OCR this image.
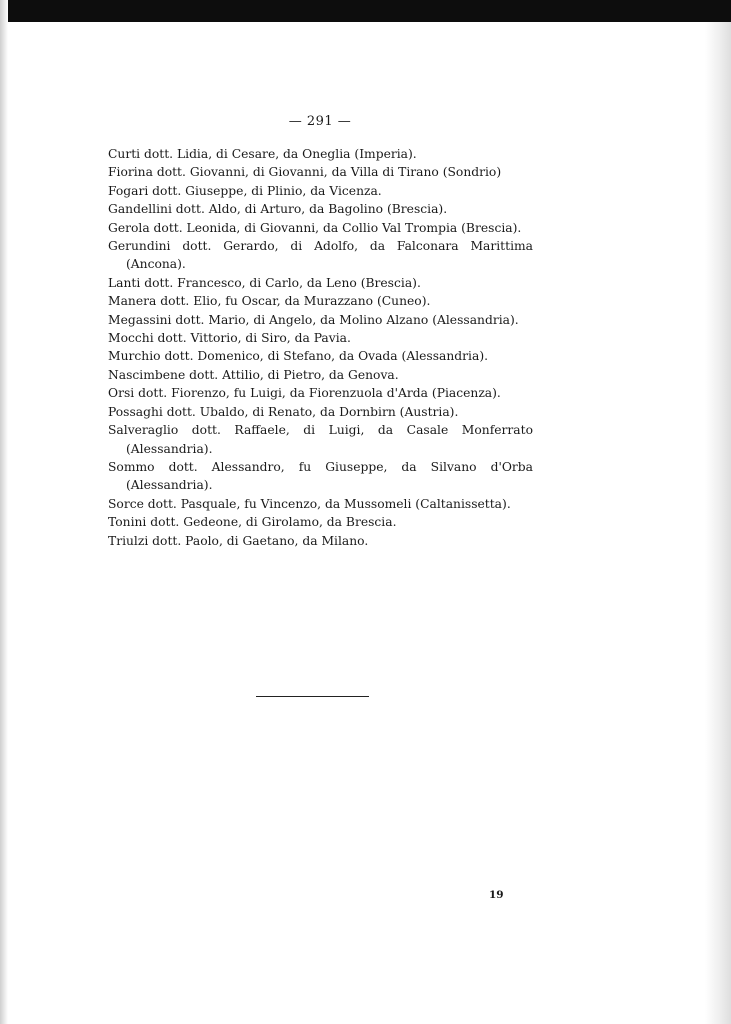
— 291 —
Curti dott. Lidia, di Cesare, da Oneglia (Imperia).
Fiorina dott. Giovanni, di Giovanni, da Villa di Tirano (Sondrio)
Fogari dott. Giuseppe, di Plinio, da Vicenza.
Gandellini dott. Aldo, di Arturo, da Bagolino (Brescia).
Gerola dott. Leonida, di Giovanni, da Collio Val Trompia (Brescia).
Gerundini dott. Gerardo, di Adolfo, da Falconara Marittima (Ancona).
Lanti dott. Francesco, di Carlo, da Leno (Brescia).
Manera dott. Elio, fu Oscar, da Murazzano (Cuneo).
Megassini dott. Mario, di Angelo, da Molino Alzano (Alessandria).
Mocchi dott. Vittorio, di Siro, da Pavia.
Murchio dott. Domenico, di Stefano, da Ovada (Alessandria).
Nascimbene dott. Attilio, di Pietro, da Genova.
Orsi dott. Fiorenzo, fu Luigi, da Fiorenzuola d'Arda (Piacenza).
Possaghi dott. Ubaldo, di Renato, da Dornbirn (Austria).
Salveraglio dott. Raffaele, di Luigi, da Casale Monferrato (Alessandria).
Sommo dott. Alessandro, fu Giuseppe, da Silvano d'Orba (Alessandria).
Sorce dott. Pasquale, fu Vincenzo, da Mussomeli (Caltanissetta).
Tonini dott. Gedeone, di Girolamo, da Brescia.
Triulzi dott. Paolo, di Gaetano, da Milano.
19
